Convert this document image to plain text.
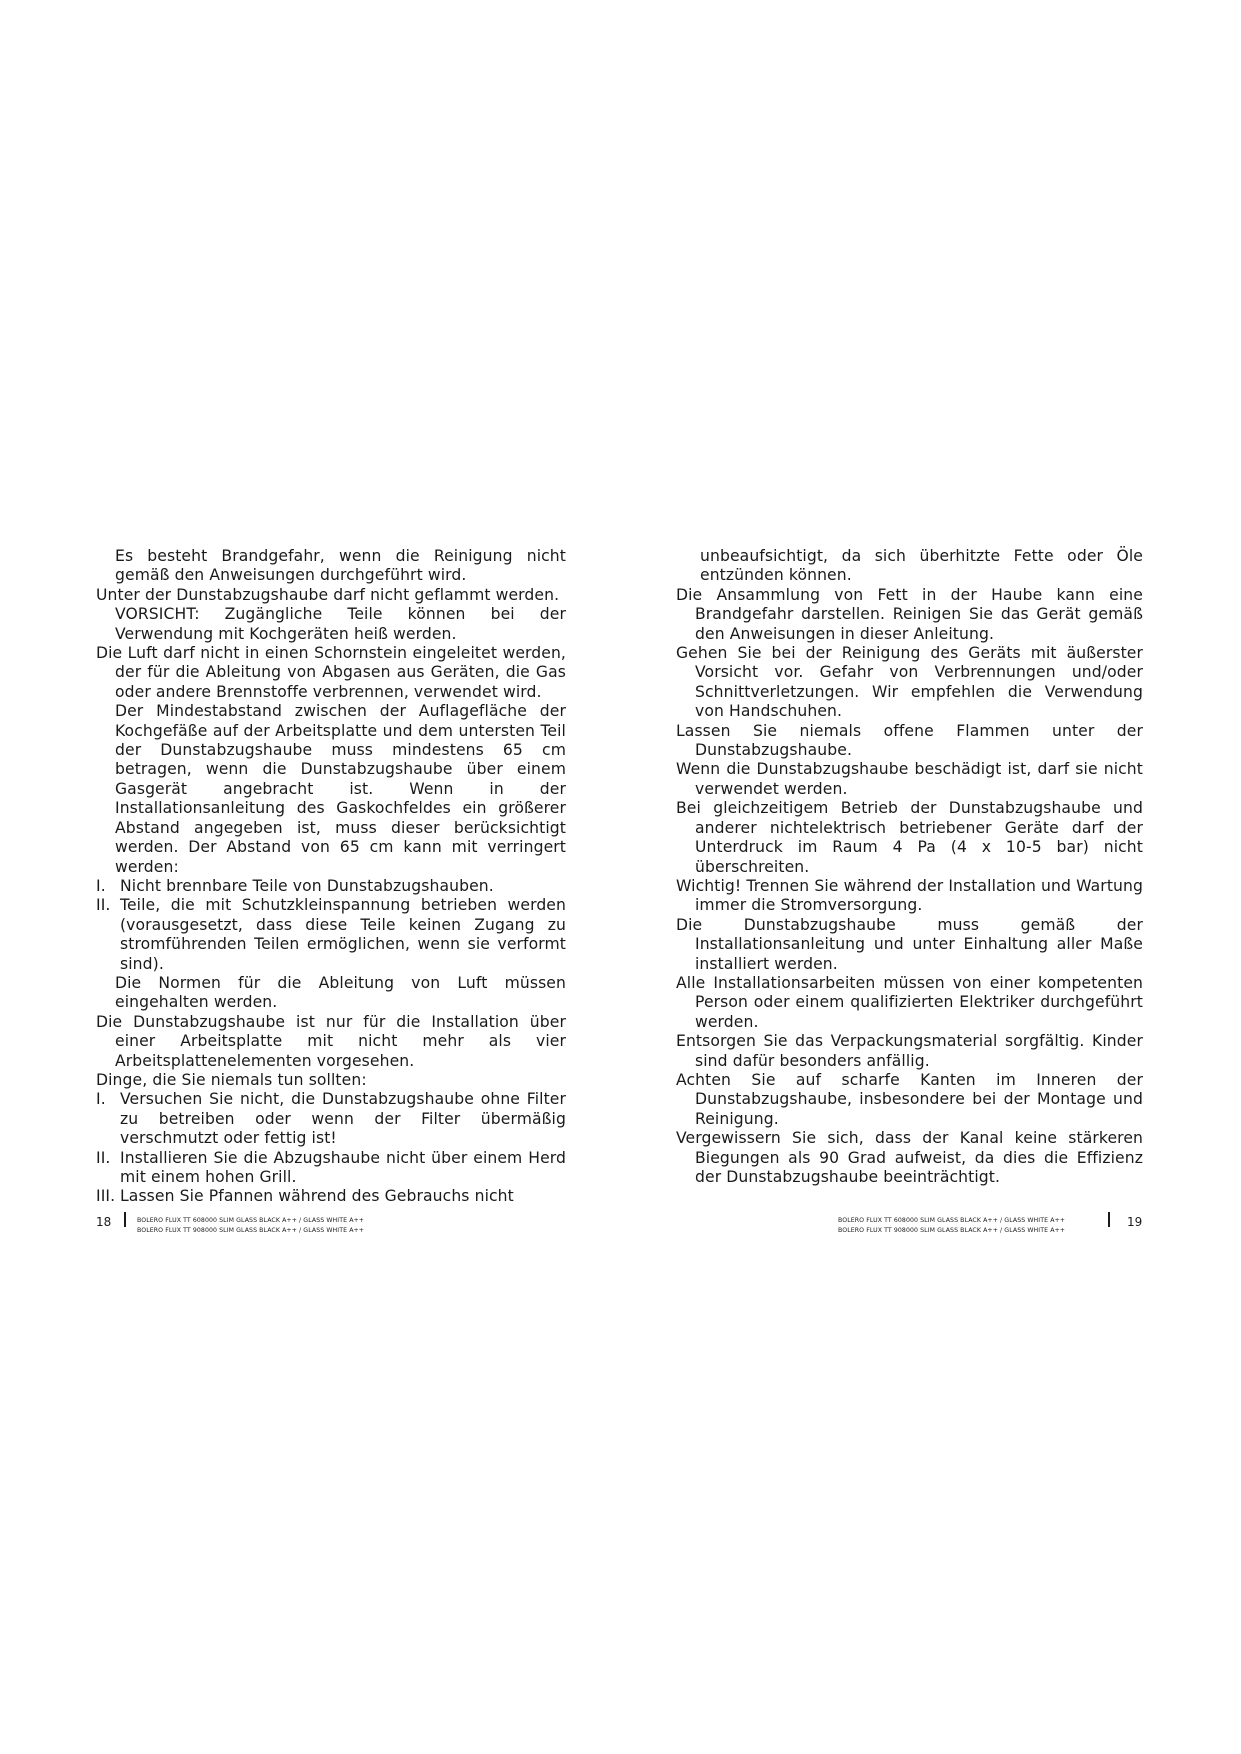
Es besteht Brandgefahr, wenn die Reinigung nicht gemäß den Anweisungen durchgeführt wird.

Unter der Dunstabzugshaube darf nicht geflammt werden.

VORSICHT: Zugängliche Teile können bei der Verwendung mit Kochgeräten heiß werden.

Die Luft darf nicht in einen Schornstein eingeleitet werden, der für die Ableitung von Abgasen aus Geräten, die Gas oder andere Brennstoffe verbrennen, verwendet wird.

Der Mindestabstand zwischen der Auflagefläche der Kochgefäße auf der Arbeitsplatte und dem untersten Teil der Dunstabzugshaube muss mindestens 65 cm betragen, wenn die Dunstabzugshaube über einem Gasgerät angebracht ist. Wenn in der Installationsanleitung des Gaskochfeldes ein größerer Abstand angegeben ist, muss dieser berücksichtigt werden. Der Abstand von 65 cm kann mit verringert werden:

I. Nicht brennbare Teile von Dunstabzugshauben.
II. Teile, die mit Schutzkleinspannung betrieben werden (vorausgesetzt, dass diese Teile keinen Zugang zu stromführenden Teilen ermöglichen, wenn sie verformt sind).

Die Normen für die Ableitung von Luft müssen eingehalten werden.

Die Dunstabzugshaube ist nur für die Installation über einer Arbeitsplatte mit nicht mehr als vier Arbeitsplattenelementen vorgesehen.

Dinge, die Sie niemals tun sollten:

I. Versuchen Sie nicht, die Dunstabzugshaube ohne Filter zu betreiben oder wenn der Filter übermäßig verschmutzt oder fettig ist!
II. Installieren Sie die Abzugshaube nicht über einem Herd mit einem hohen Grill.
III. Lassen Sie Pfannen während des Gebrauchs nicht

unbeaufsichtigt, da sich überhitzte Fette oder Öle entzünden können.

Die Ansammlung von Fett in der Haube kann eine Brandgefahr darstellen. Reinigen Sie das Gerät gemäß den Anweisungen in dieser Anleitung.

Gehen Sie bei der Reinigung des Geräts mit äußerster Vorsicht vor. Gefahr von Verbrennungen und/oder Schnittverletzungen. Wir empfehlen die Verwendung von Handschuhen.

Lassen Sie niemals offene Flammen unter der Dunstabzugshaube.

Wenn die Dunstabzugshaube beschädigt ist, darf sie nicht verwendet werden.

Bei gleichzeitigem Betrieb der Dunstabzugshaube und anderer nichtelektrisch betriebener Geräte darf der Unterdruck im Raum 4 Pa (4 x 10-5 bar) nicht überschreiten.

Wichtig! Trennen Sie während der Installation und Wartung immer die Stromversorgung.

Die Dunstabzugshaube muss gemäß der Installationsanleitung und unter Einhaltung aller Maße installiert werden.

Alle Installationsarbeiten müssen von einer kompetenten Person oder einem qualifizierten Elektriker durchgeführt werden.

Entsorgen Sie das Verpackungsmaterial sorgfältig. Kinder sind dafür besonders anfällig.

Achten Sie auf scharfe Kanten im Inneren der Dunstabzugshaube, insbesondere bei der Montage und Reinigung.

Vergewissern Sie sich, dass der Kanal keine stärkeren Biegungen als 90 Grad aufweist, da dies die Effizienz der Dunstabzugshaube beeinträchtigt.

18	BOLERO FLUX TT 608000 SLIM GLASS BLACK A++ / GLASS WHITE A++
BOLERO FLUX TT 908000 SLIM GLASS BLACK A++ / GLASS WHITE A++
BOLERO FLUX TT 608000 SLIM GLASS BLACK A++ / GLASS WHITE A++
BOLERO FLUX TT 908000 SLIM GLASS BLACK A++ / GLASS WHITE A++
19
